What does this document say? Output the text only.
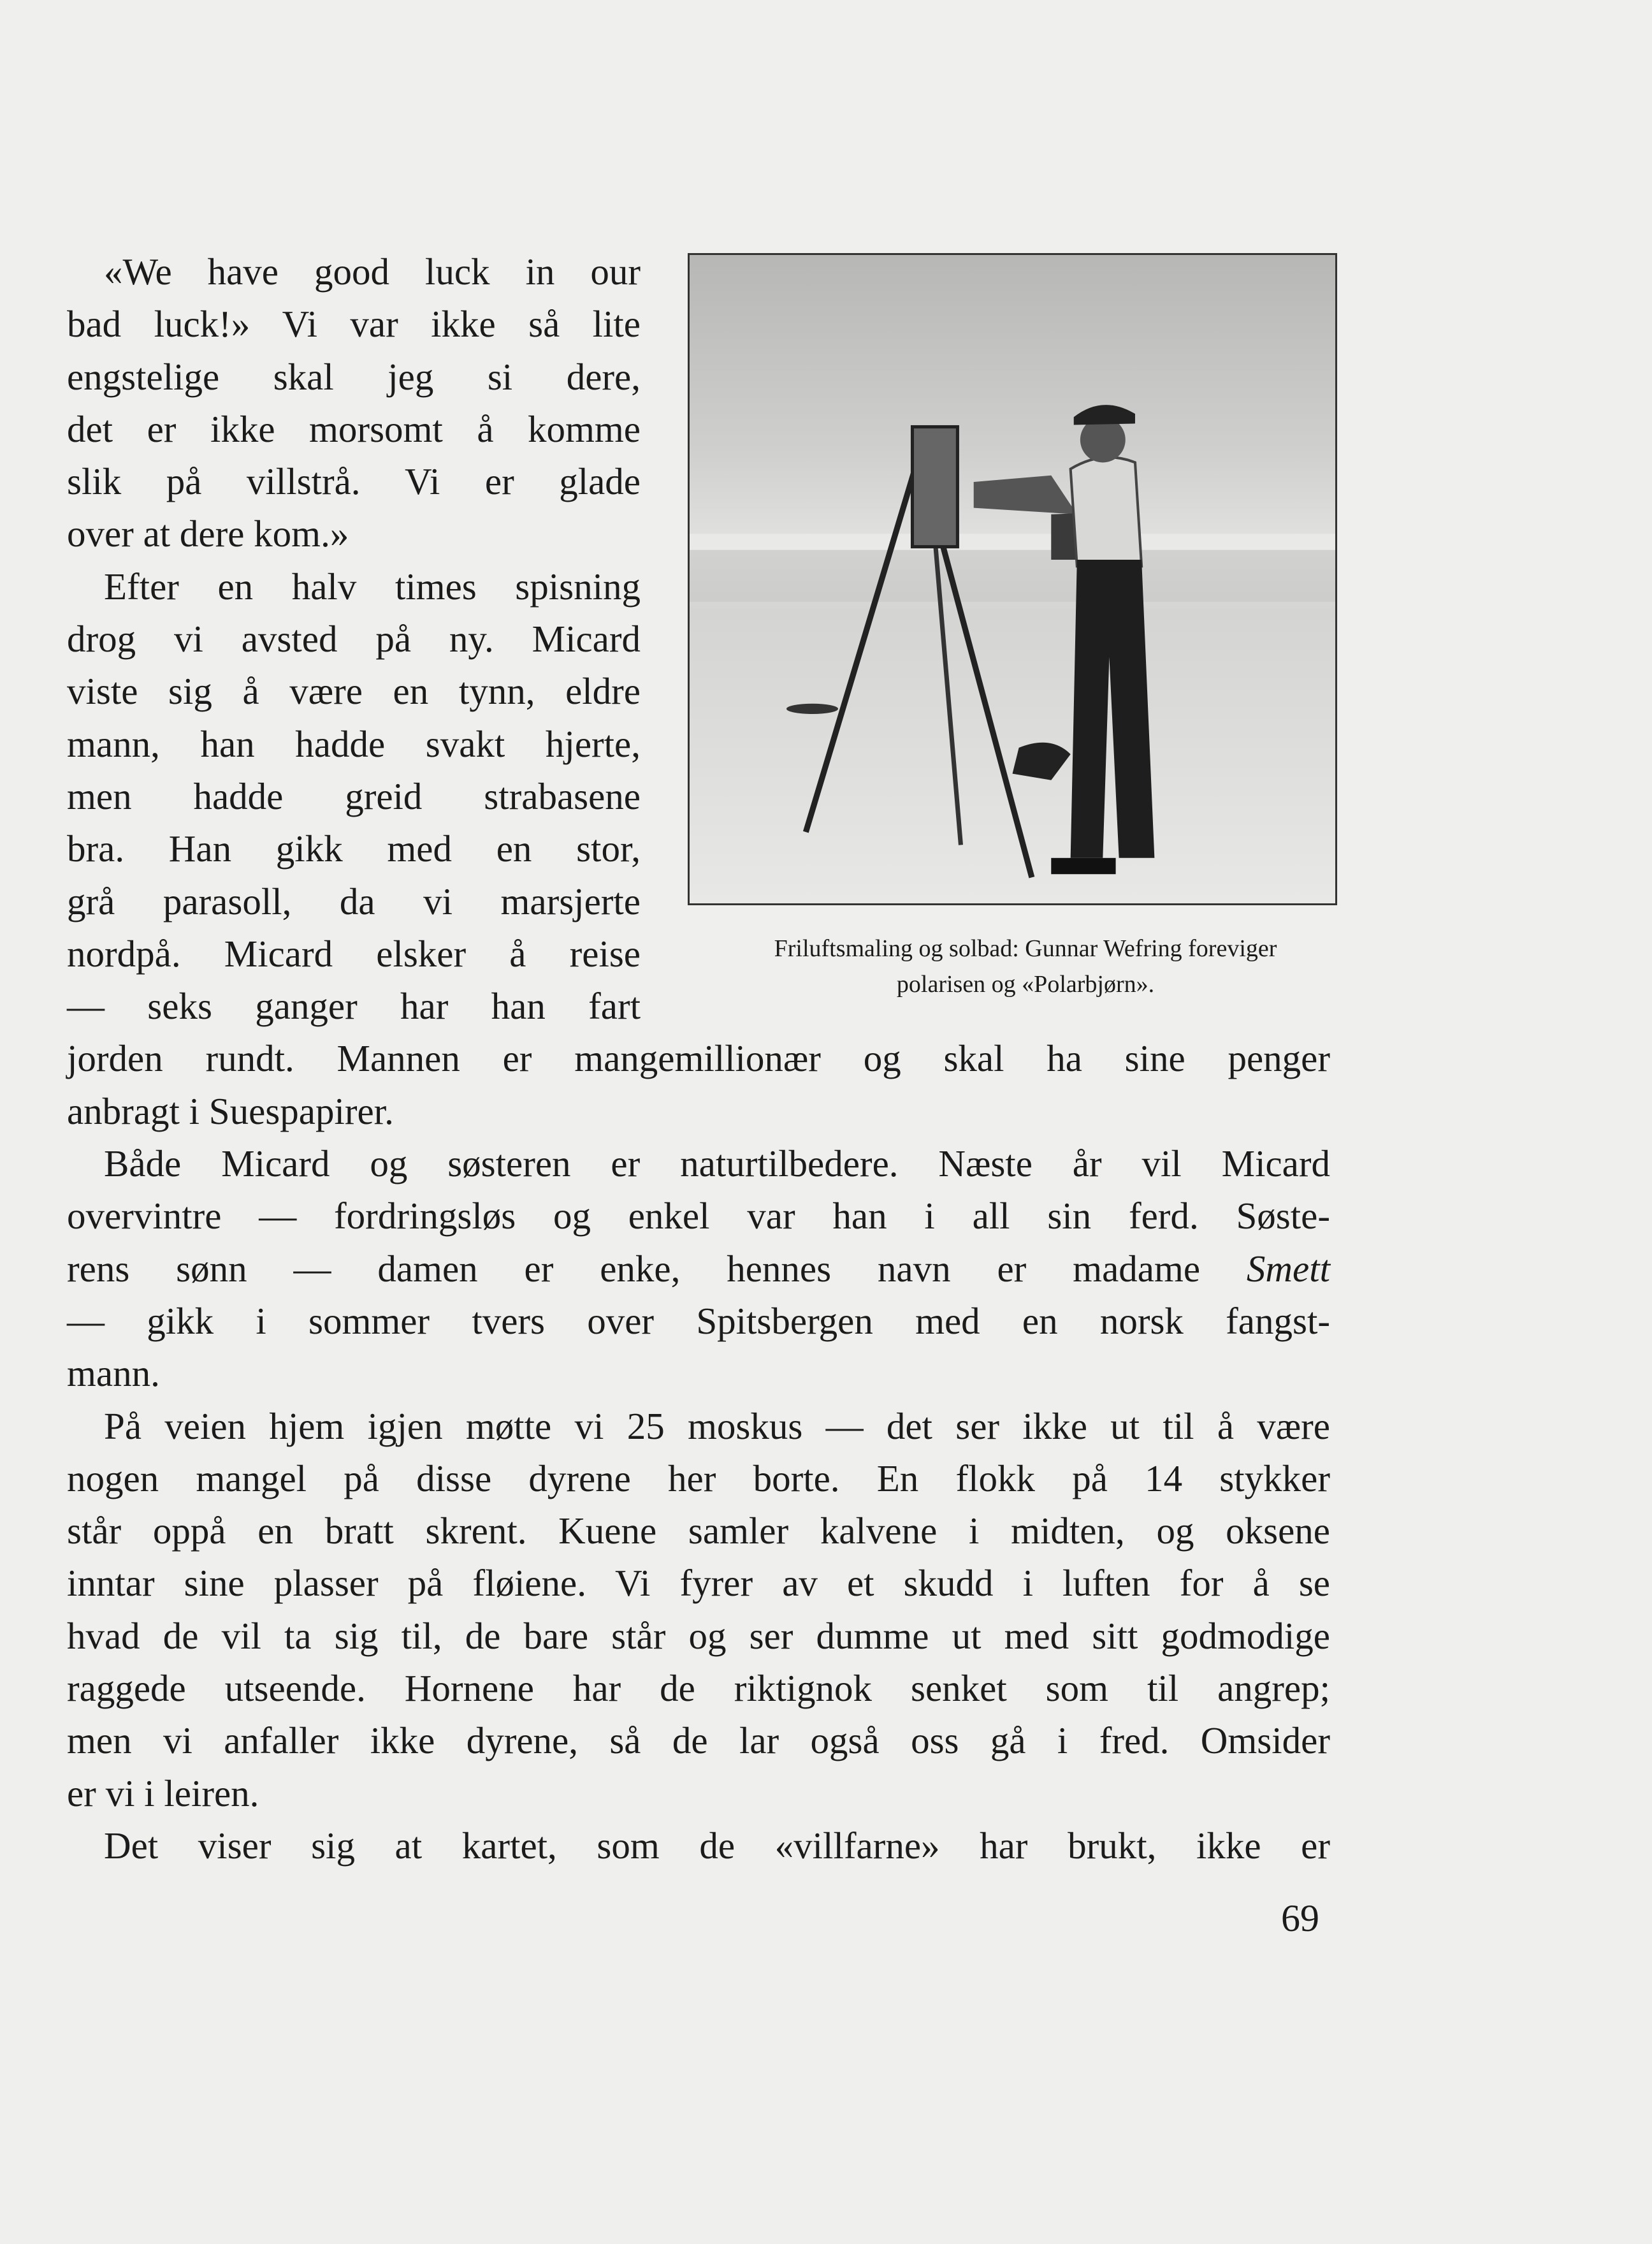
Friluftsmaling og solbad: Gunnar Wefring foreviger
polarisen og «Polarbjørn».
«We have good luck in our
bad luck!» Vi var ikke så lite
engstelige skal jeg si dere,
det er ikke morsomt å komme
slik på villstrå. Vi er glade
over at dere kom.»
Efter en halv times spisning
drog vi avsted på ny. Micard
viste sig å være en tynn, eldre
mann, han hadde svakt hjerte,
men hadde greid strabasene
bra. Han gikk med en stor,
grå parasoll, da vi marsjerte
nordpå. Micard elsker å reise
— seks ganger har han fart
jorden rundt. Mannen er mangemillionær og skal ha sine penger
anbragt i Suespapirer.
Både Micard og søsteren er naturtilbedere. Næste år vil Micard
overvintre — fordringsløs og enkel var han i all sin ferd. Søste-
rens sønn — damen er enke, hennes navn er madame Smett
— gikk i sommer tvers over Spitsbergen med en norsk fangst-
mann.
På veien hjem igjen møtte vi 25 moskus — det ser ikke ut til å være
nogen mangel på disse dyrene her borte. En flokk på 14 stykker
står oppå en bratt skrent. Kuene samler kalvene i midten, og oksene
inntar sine plasser på fløiene. Vi fyrer av et skudd i luften for å se
hvad de vil ta sig til, de bare står og ser dumme ut med sitt godmodige
raggede utseende. Hornene har de riktignok senket som til angrep;
men vi anfaller ikke dyrene, så de lar også oss gå i fred. Omsider
er vi i leiren.
Det viser sig at kartet, som de «villfarne» har brukt, ikke er
69
